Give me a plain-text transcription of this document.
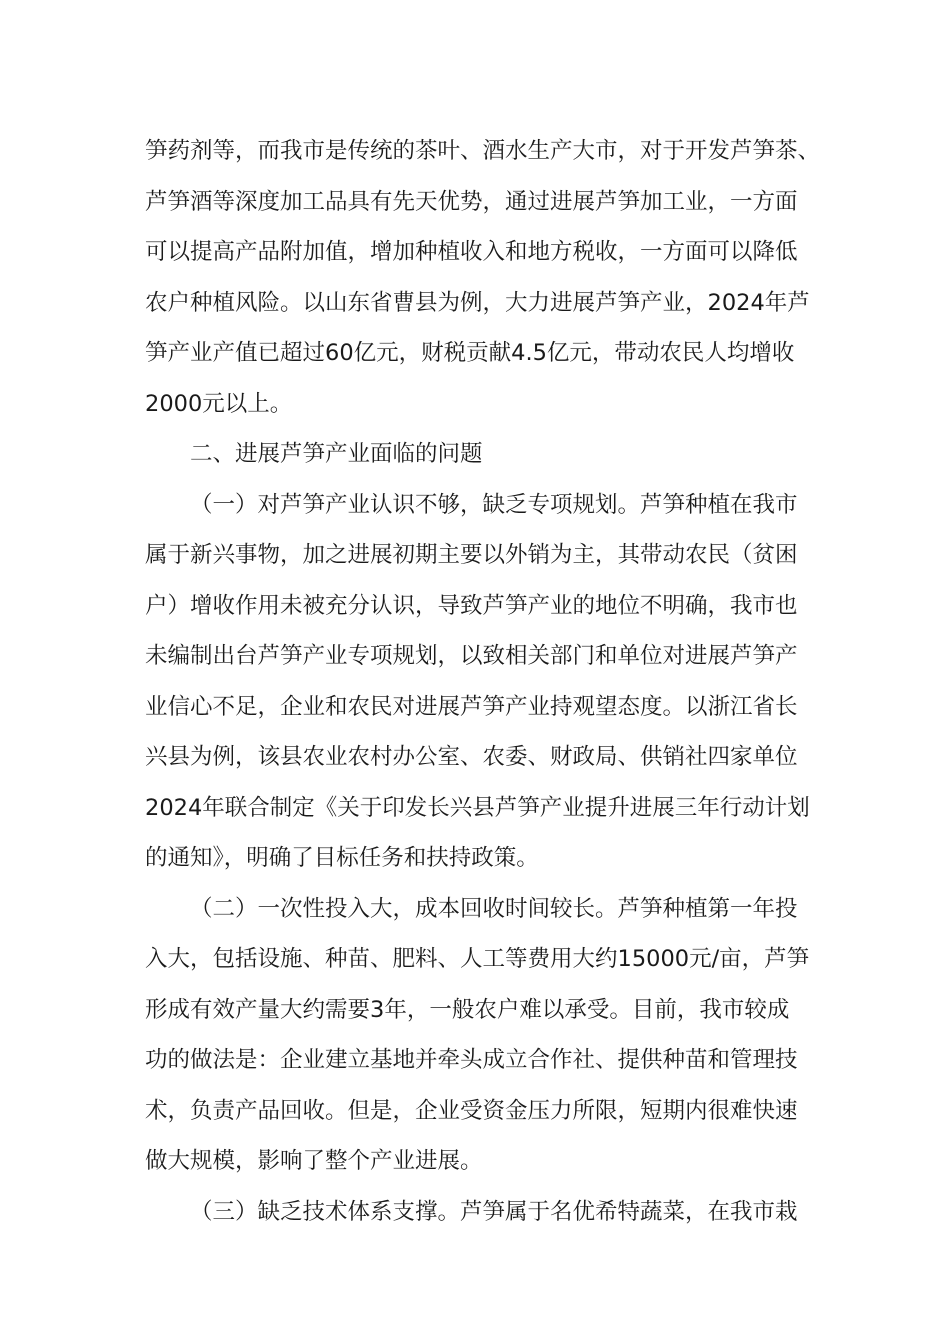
笋药剂等，而我市是传统的茶叶、酒水生产大市，对于开发芦笋茶、
芦笋酒等深度加工品具有先天优势，通过进展芦笋加工业，一方面
可以提高产品附加值，增加种植收入和地方税收，一方面可以降低
农户种植风险。以山东省曹县为例，大力进展芦笋产业，2024年芦
笋产业产值已超过60亿元，财税贡献4.5亿元，带动农民人均增收
2000元以上。
二、进展芦笋产业面临的问题
（一）对芦笋产业认识不够，缺乏专项规划。芦笋种植在我市
属于新兴事物，加之进展初期主要以外销为主，其带动农民（贫困
户）增收作用未被充分认识，导致芦笋产业的地位不明确，我市也
未编制出台芦笋产业专项规划，以致相关部门和单位对进展芦笋产
业信心不足，企业和农民对进展芦笋产业持观望态度。以浙江省长
兴县为例，该县农业农村办公室、农委、财政局、供销社四家单位
2024年联合制定《关于印发长兴县芦笋产业提升进展三年行动计划
的通知》，明确了目标任务和扶持政策。
（二）一次性投入大，成本回收时间较长。芦笋种植第一年投
入大，包括设施、种苗、肥料、人工等费用大约15000元/亩，芦笋
形成有效产量大约需要3年，一般农户难以承受。目前，我市较成
功的做法是：企业建立基地并牵头成立合作社、提供种苗和管理技
术，负责产品回收。但是，企业受资金压力所限，短期内很难快速
做大规模，影响了整个产业进展。
（三）缺乏技术体系支撑。芦笋属于名优希特蔬菜，在我市栽
